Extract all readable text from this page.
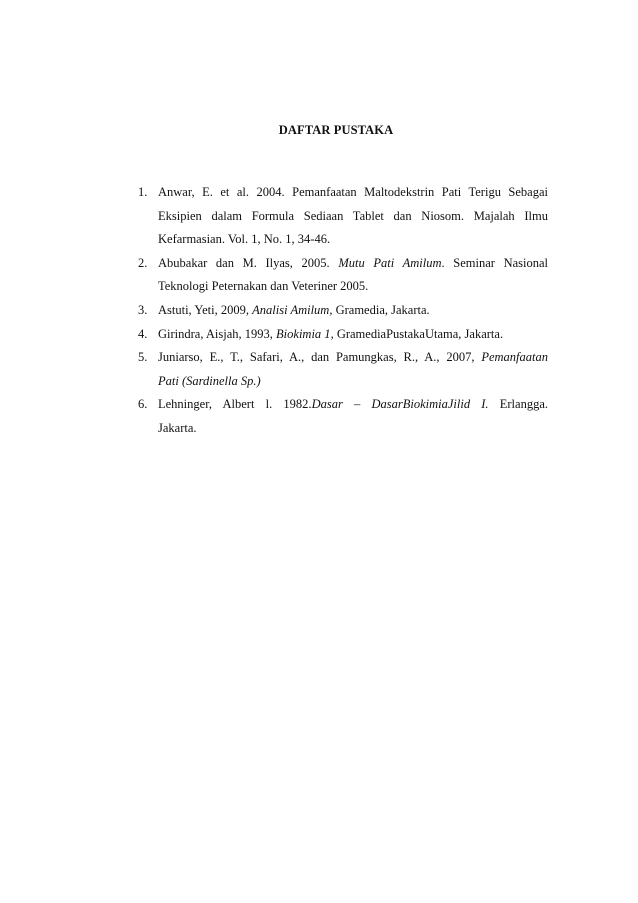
DAFTAR PUSTAKA
1. Anwar, E. et al. 2004. Pemanfaatan Maltodekstrin Pati Terigu Sebagai
Eksipien dalam Formula Sediaan Tablet dan Niosom. Majalah Ilmu
Kefarmasian. Vol. 1, No. 1, 34-46.
2. Abubakar dan M. Ilyas, 2005. Mutu Pati Amilum. Seminar Nasional
Teknologi Peternakan dan Veteriner 2005.
3. Astuti, Yeti, 2009, Analisi Amilum, Gramedia, Jakarta.
4. Girindra, Aisjah, 1993, Biokimia 1, GramediaPustakaUtama, Jakarta.
5. Juniarso, E., T., Safari, A., dan Pamungkas, R., A., 2007, Pemanfaatan
Pati (Sardinella Sp.)
6. Lehninger, Albert l. 1982.Dasar – DasarBiokimiaJilid I. Erlangga.
Jakarta.
